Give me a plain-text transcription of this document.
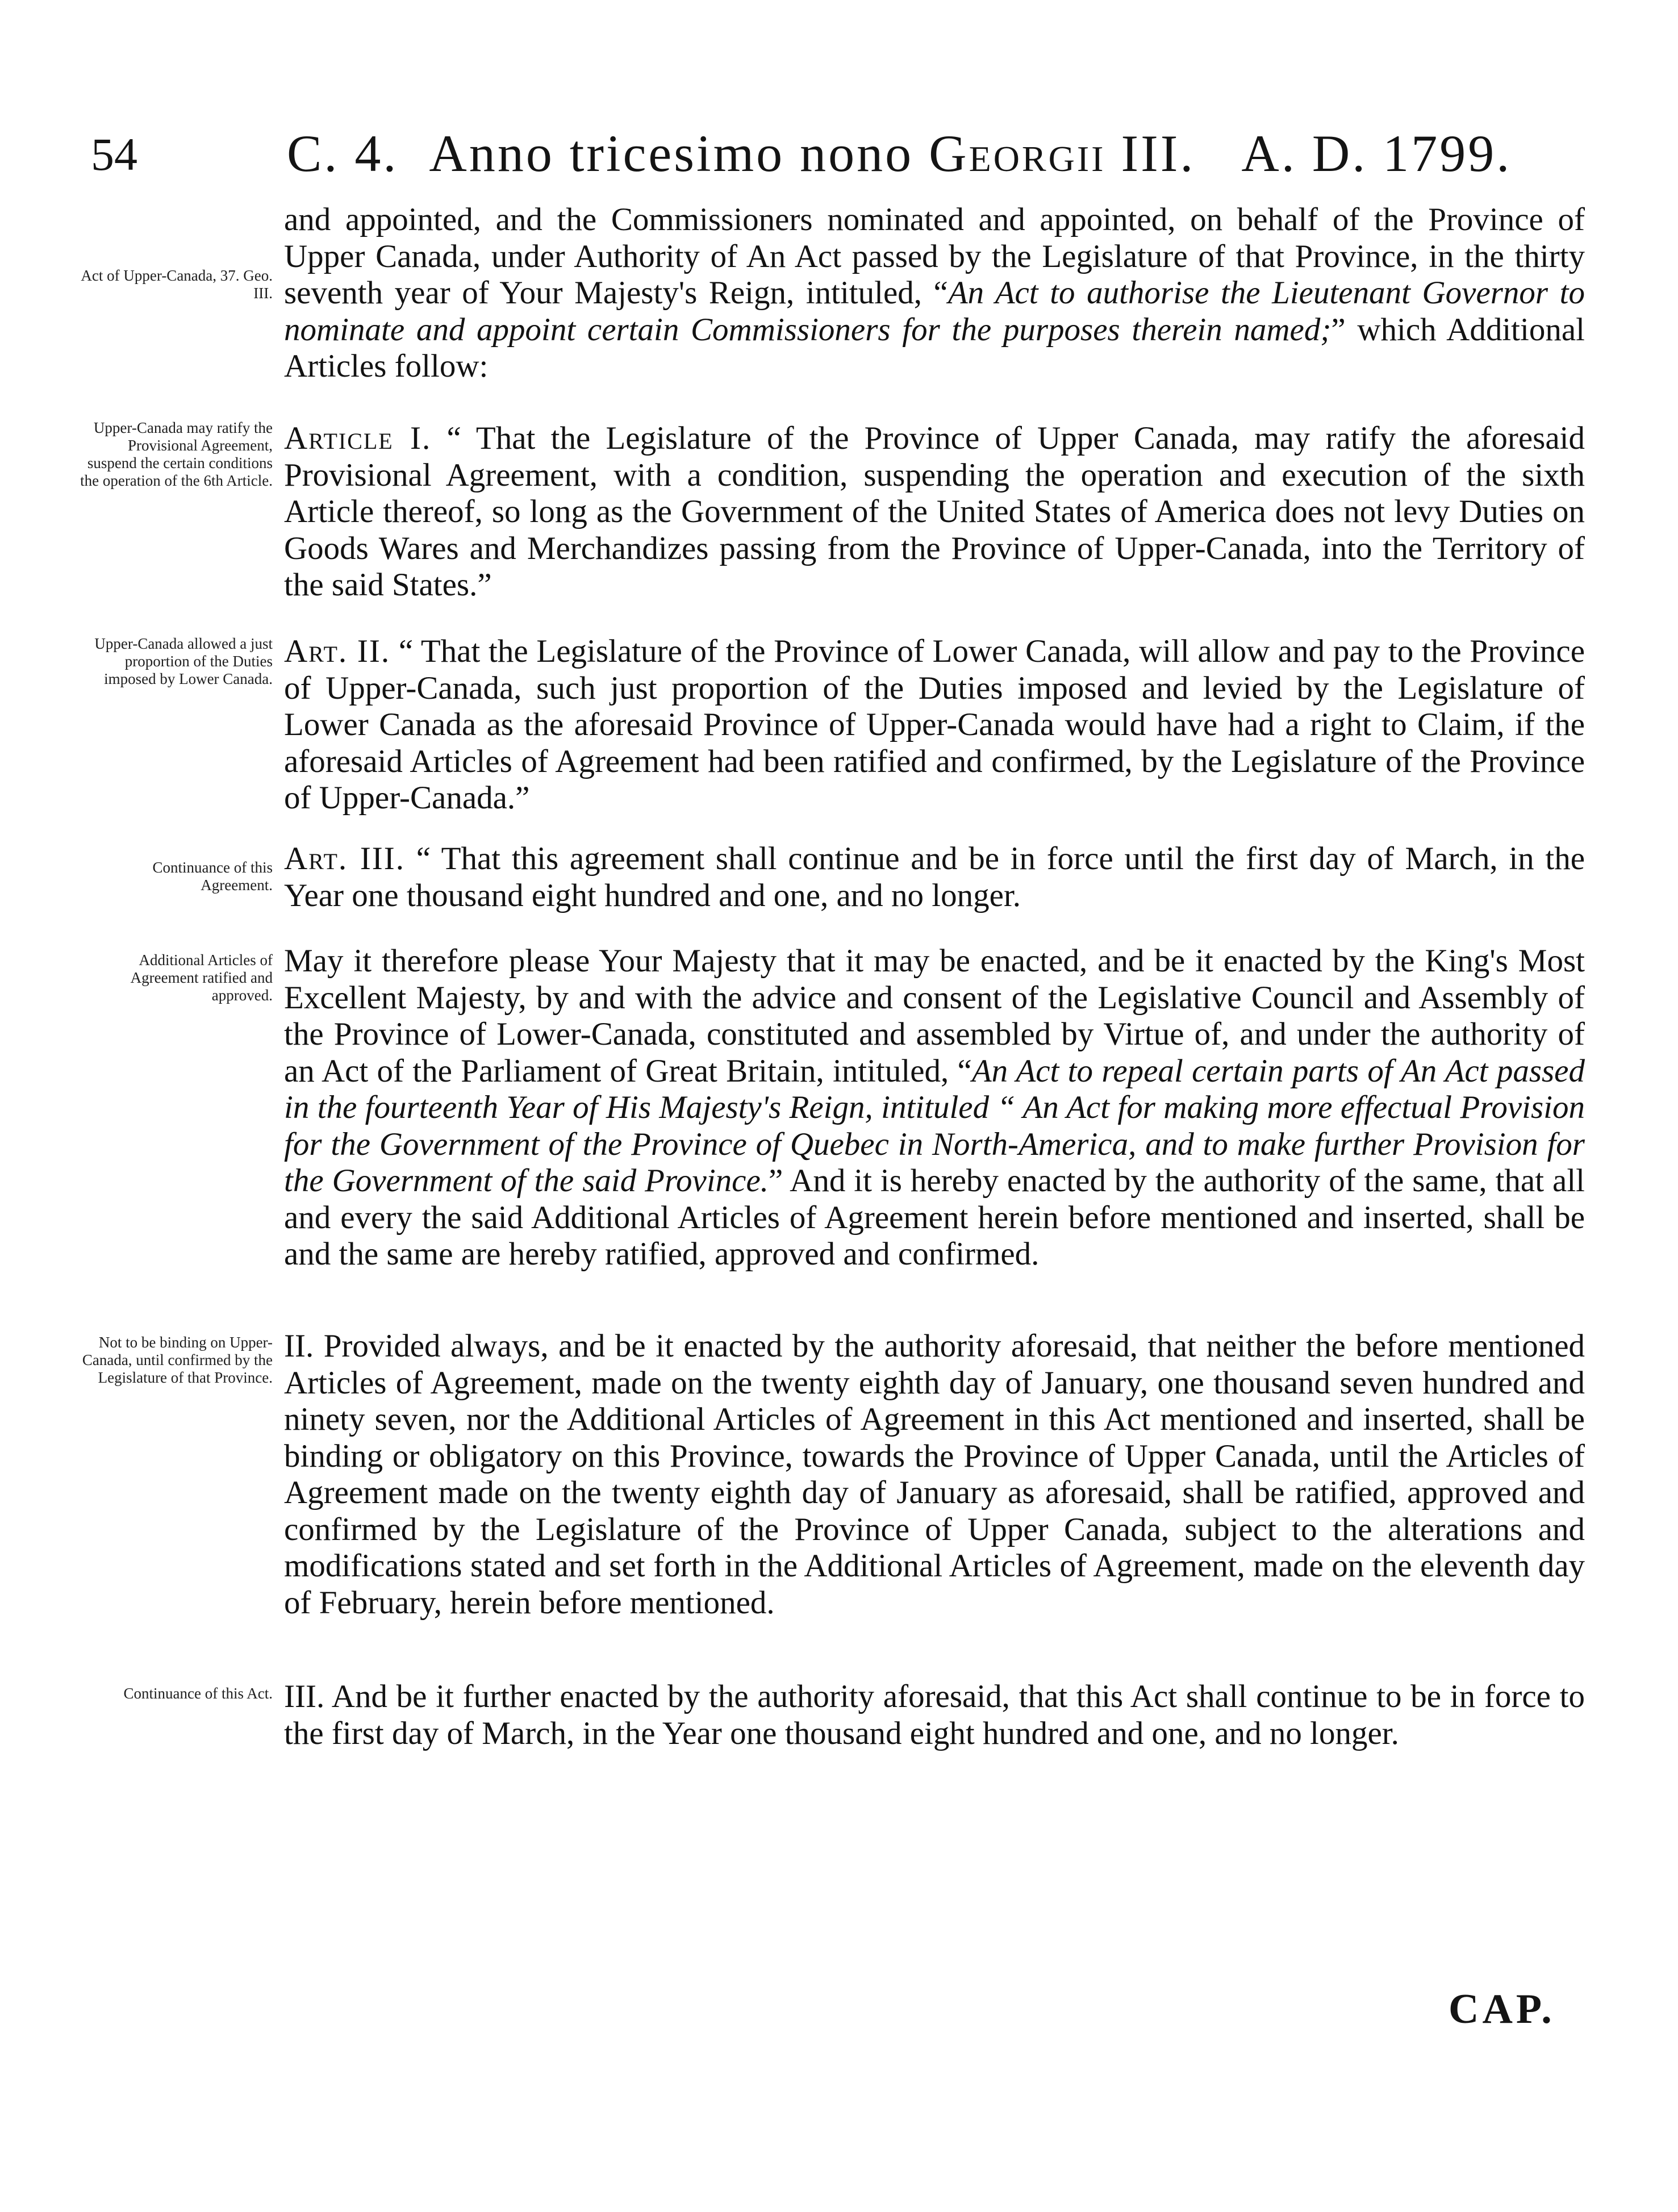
54	C. 4. Anno tricesimo nono Georgii III. A. D. 1799.
Act of Upper-Canada, 37. Geo. III.
Upper-Canada may ratify the Provisional Agreement, suspend the certain conditions the operation of the 6th Article.
Upper-Canada allowed a just proportion of the Duties imposed by Lower Canada.
Continuance of this Agreement.
Additional Articles of Agreement ratified and approved.
Not to be binding on Upper-Canada, until confirmed by the Legislature of that Province.
Continuance of this Act.

and appointed, and the Commissioners nominated and appointed, on behalf of the Province of Upper Canada, under Authority of An Act passed by the Legislature of that Province, in the thirty seventh year of Your Majesty's Reign, intituled, “An Act to authorise the Lieutenant Governor to nominate and appoint certain Commissioners for the purposes therein named;” which Additional Articles follow:

Article I. “ That the Legislature of the Province of Upper Canada, may ratify the aforesaid Provisional Agreement, with a condition, suspending the operation and execution of the sixth Article thereof, so long as the Government of the United States of America does not levy Duties on Goods Wares and Merchandizes passing from the Province of Upper-Canada, into the Territory of the said States.”

Art. II. “ That the Legislature of the Province of Lower Canada, will allow and pay to the Province of Upper-Canada, such just proportion of the Duties imposed and levied by the Legislature of Lower Canada as the aforesaid Province of Upper-Canada would have had a right to Claim, if the aforesaid Articles of Agreement had been ratified and confirmed, by the Legislature of the Province of Upper-Canada.”

Art. III. “ That this agreement shall continue and be in force until the first day of March, in the Year one thousand eight hundred and one, and no longer.

May it therefore please Your Majesty that it may be enacted, and be it enacted by the King's Most Excellent Majesty, by and with the advice and consent of the Legislative Council and Assembly of the Province of Lower-Canada, constituted and assembled by Virtue of, and under the authority of an Act of the Parliament of Great Britain, intituled, “An Act to repeal certain parts of An Act passed in the fourteenth Year of His Majesty's Reign, intituled “ An Act for making more effectual Provision for the Government of the Province of Quebec in North-America, and to make further Provision for the Government of the said Province.” And it is hereby enacted by the authority of the same, that all and every the said Additional Articles of Agreement herein before mentioned and inserted, shall be and the same are hereby ratified, approved and confirmed.

II. Provided always, and be it enacted by the authority aforesaid, that neither the before mentioned Articles of Agreement, made on the twenty eighth day of January, one thousand seven hundred and ninety seven, nor the Additional Articles of Agreement in this Act mentioned and inserted, shall be binding or obligatory on this Province, towards the Province of Upper Canada, until the Articles of Agreement made on the twenty eighth day of January as aforesaid, shall be ratified, approved and confirmed by the Legislature of the Province of Upper Canada, subject to the alterations and modifications stated and set forth in the Additional Articles of Agreement, made on the eleventh day of February, herein before mentioned.

III. And be it further enacted by the authority aforesaid, that this Act shall continue to be in force to the first day of March, in the Year one thousand eight hundred and one, and no longer.

CAP.
